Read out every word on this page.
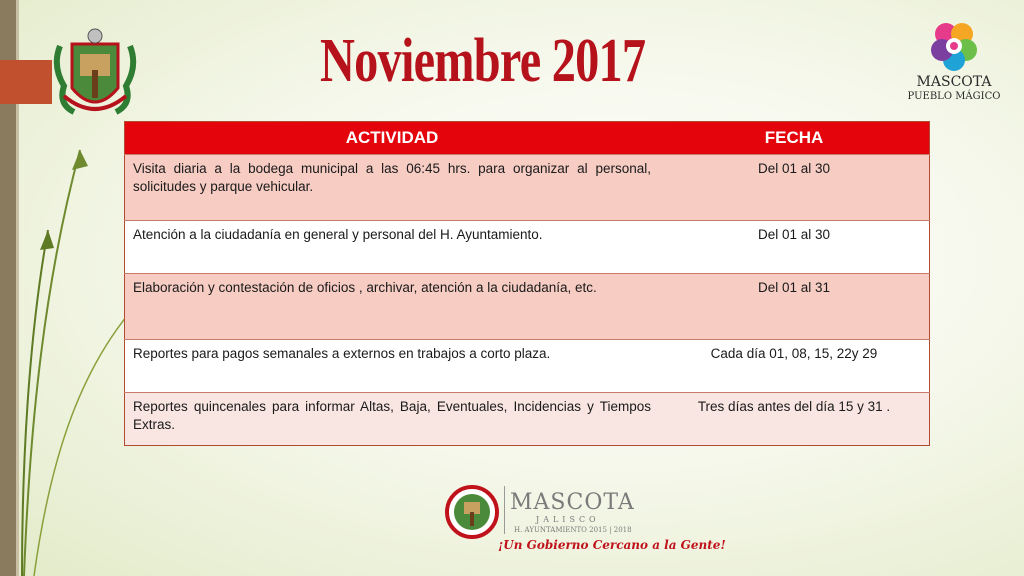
Noviembre 2017	MASCOTA
PUEBLO MÁGICO
ACTIVIDAD	FECHA
Visita diaria a la bodega municipal a las 06:45 hrs. para organizar al personal, solicitudes y parque vehicular.	Del 01 al 30
Atención a la ciudadanía en general y personal del H. Ayuntamiento.	Del 01 al 30
Elaboración y contestación de oficios , archivar, atención a la ciudadanía, etc.	Del 01 al 31
Reportes para pagos semanales a externos en trabajos a corto plaza.	Cada día 01, 08, 15, 22y 29
Reportes quincenales para informar Altas, Baja, Eventuales, Incidencias y Tiempos Extras.	Tres días antes del día 15 y 31 .
MASCOTA
JALISCO
H. AYUNTAMIENTO 2015 | 2018
¡Un Gobierno Cercano a la Gente!
